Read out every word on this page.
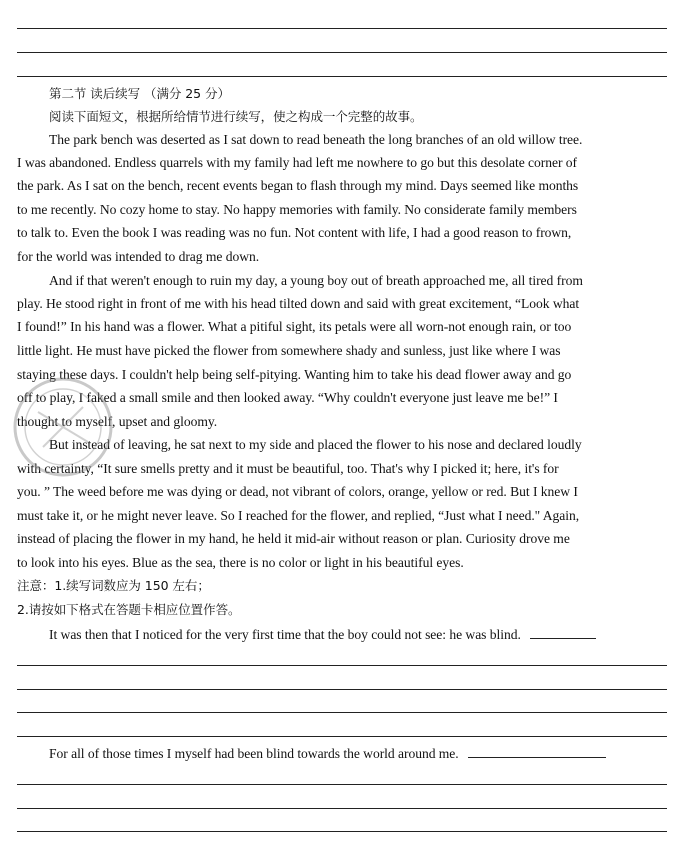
第二节 读后续写 （满分 25 分）
阅读下面短文，根据所给情节进行续写，使之构成一个完整的故事。
The park bench was deserted as I sat down to read beneath the long branches of an old willow tree.
I was abandoned. Endless quarrels with my family had left me nowhere to go but this desolate corner of
the park. As I sat on the bench, recent events began to flash through my mind. Days seemed like months
to me recently. No cozy home to stay. No happy memories with family. No considerate family members
to talk to. Even the book I was reading was no fun. Not content with life, I had a good reason to frown,
for the world was intended to drag me down.
And if that weren't enough to ruin my day, a young boy out of breath approached me, all tired from
play. He stood right in front of me with his head tilted down and said with great excitement, “Look what
I found!” In his hand was a flower. What a pitiful sight, its petals were all worn-not enough rain, or too
little light. He must have picked the flower from somewhere shady and sunless, just like where I was
staying these days. I couldn't help being self-pitying. Wanting him to take his dead flower away and go
off to play, I faked a small smile and then looked away. “Why couldn't everyone just leave me be!” I
thought to myself, upset and gloomy.
But instead of leaving, he sat next to my side and placed the flower to his nose and declared loudly
with certainty, “It sure smells pretty and it must be beautiful, too. That's why I picked it; here, it's for
you. ” The weed before me was dying or dead, not vibrant of colors, orange, yellow or red. But I knew I
must take it, or he might never leave. So I reached for the flower, and replied, “Just what I need." Again,
instead of placing the flower in my hand, he held it mid-air without reason or plan. Curiosity drove me
to look into his eyes. Blue as the sea, there is no color or light in his beautiful eyes.
注意：1.续写词数应为 150 左右；
2.请按如下格式在答题卡相应位置作答。
It was then that I noticed for the very first time that the boy could not see: he was blind.
For all of those times I myself had been blind towards the world around me.
